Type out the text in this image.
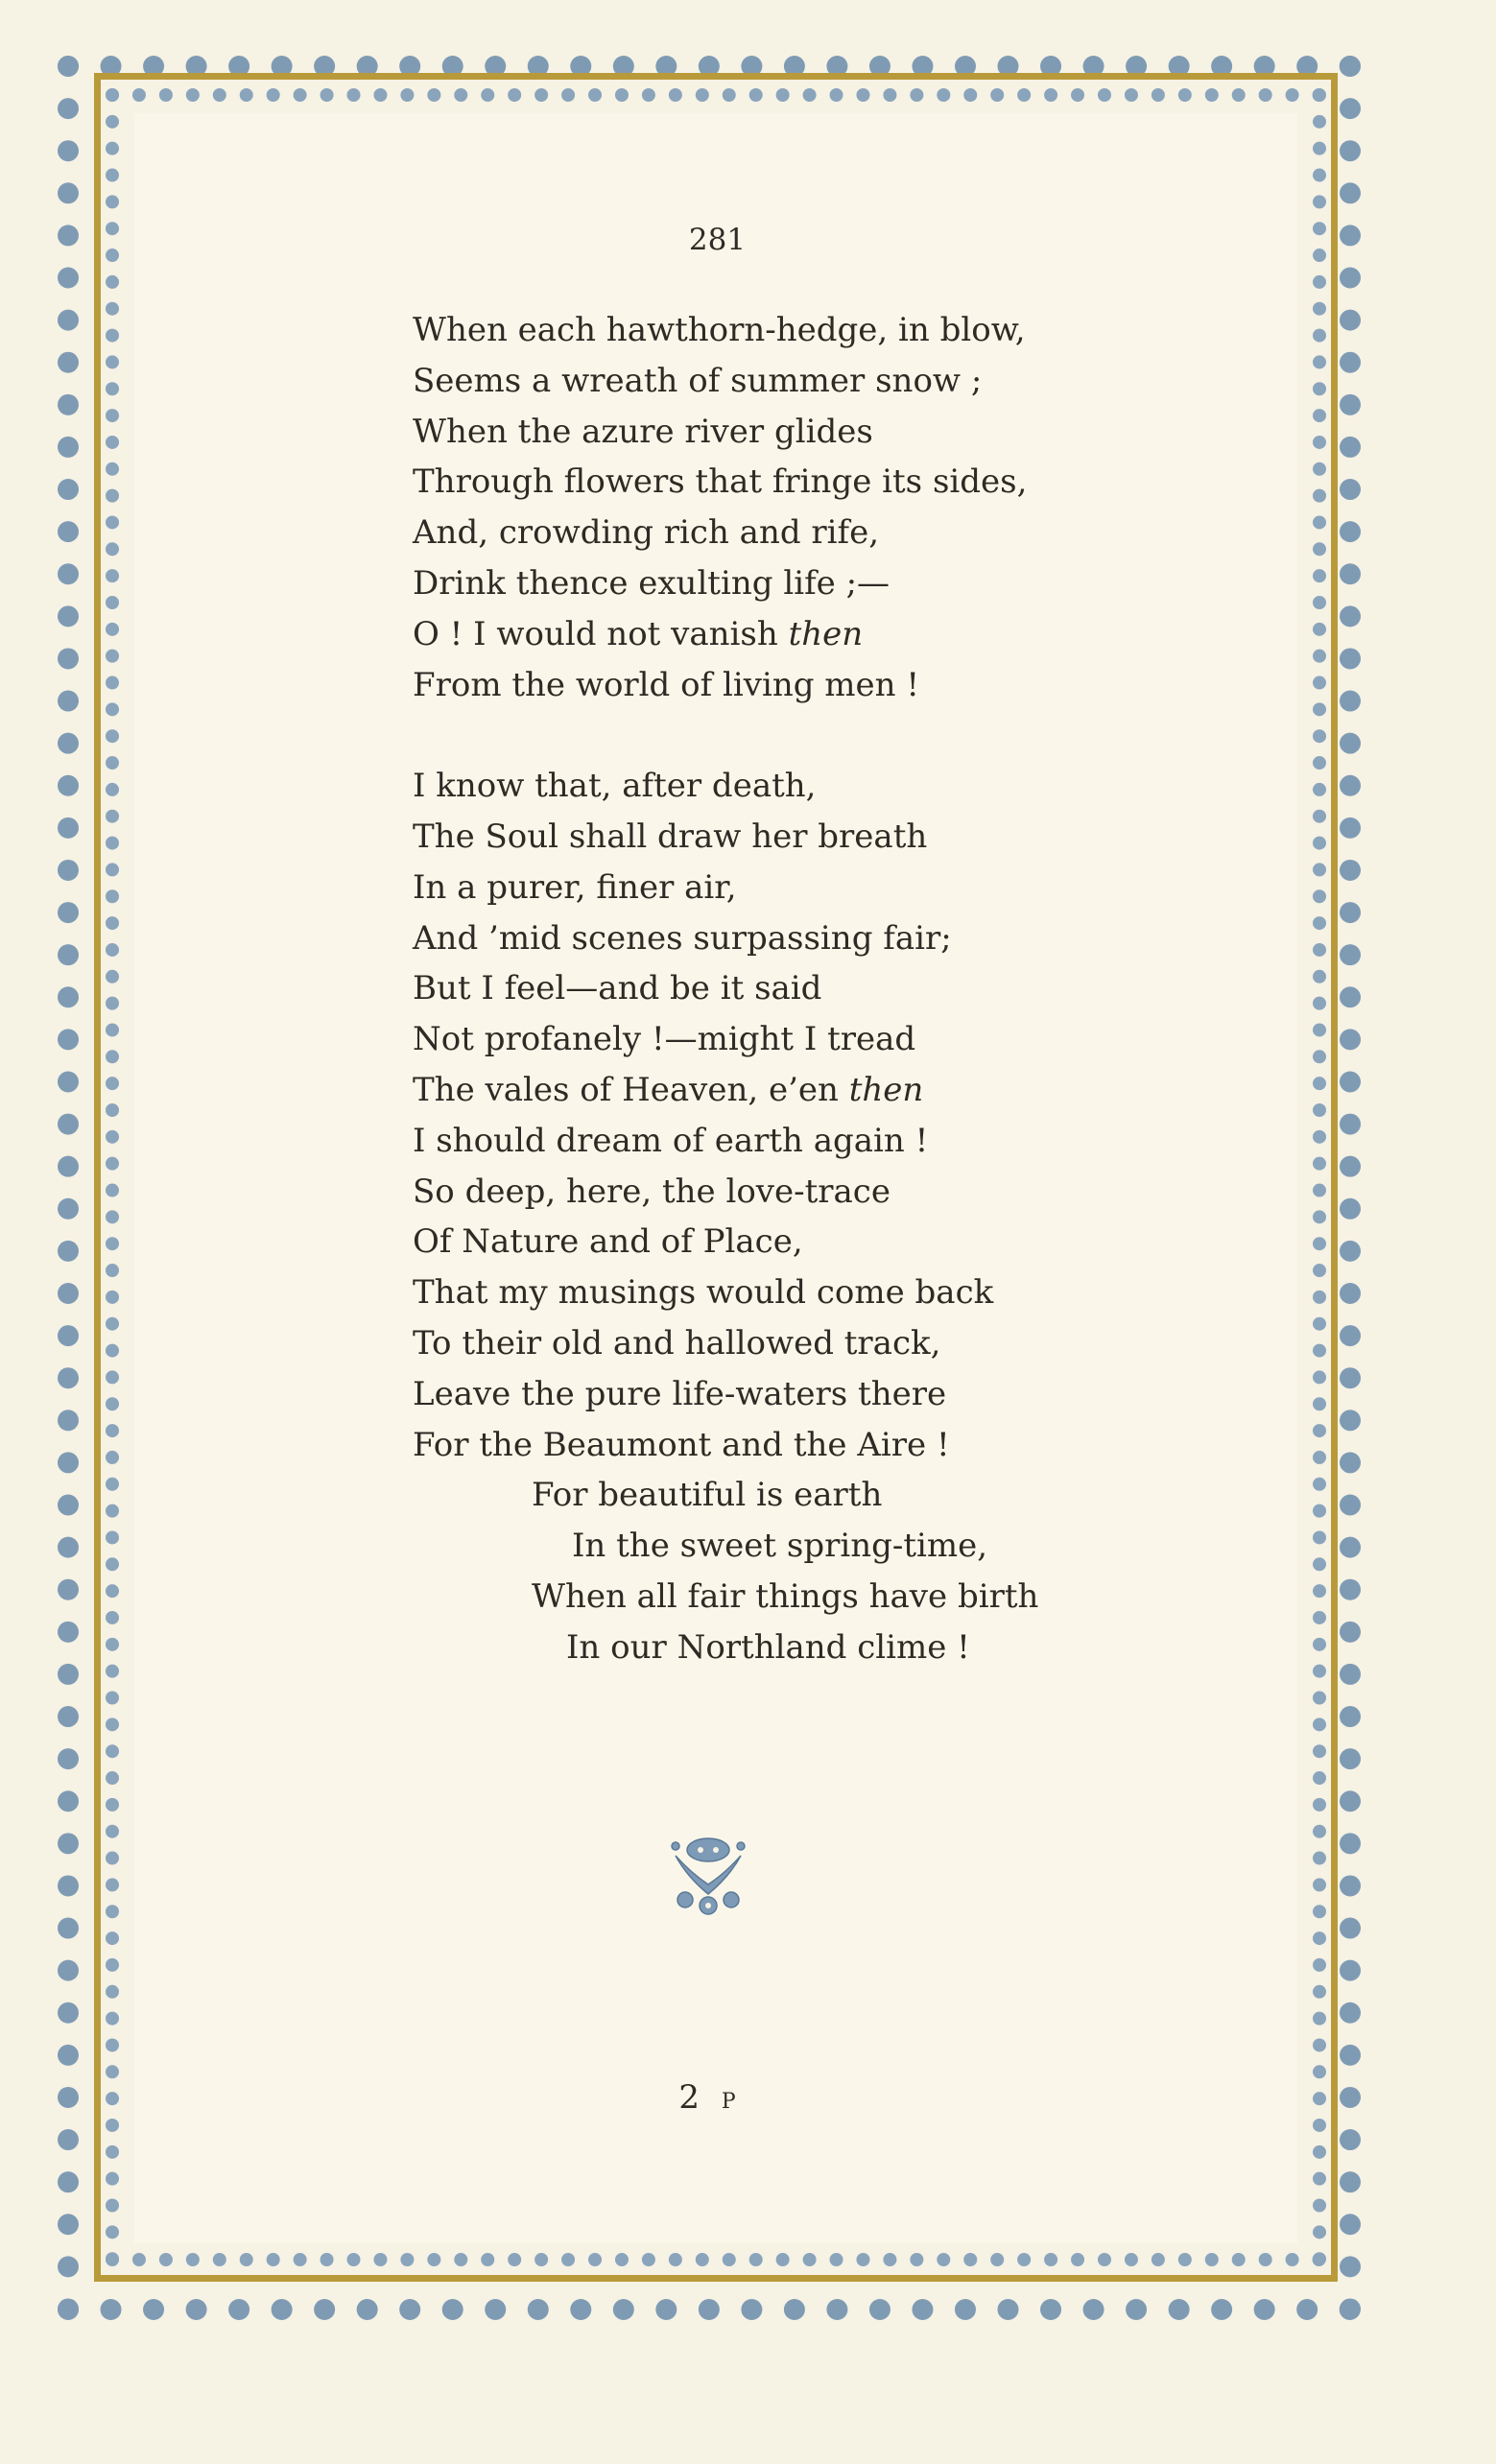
281
When each hawthorn-hedge, in blow,
Seems a wreath of summer snow ;
When the azure river glides
Through flowers that fringe its sides,
And, crowding rich and rife,
Drink thence exulting life ;—
O ! I would not vanish then
From the world of living men !
I know that, after death,
The Soul shall draw her breath
In a purer, finer air,
And ’mid scenes surpassing fair;
But I feel—and be it said
Not profanely !—might I tread
The vales of Heaven, e’en then
I should dream of earth again !
So deep, here, the love-trace
Of Nature and of Place,
That my musings would come back
To their old and hallowed track,
Leave the pure life-waters there
For the Beaumont and the Aire !
For beautiful is earth
In the sweet spring-time,
When all fair things have birth
In our Northland clime !
2 P
